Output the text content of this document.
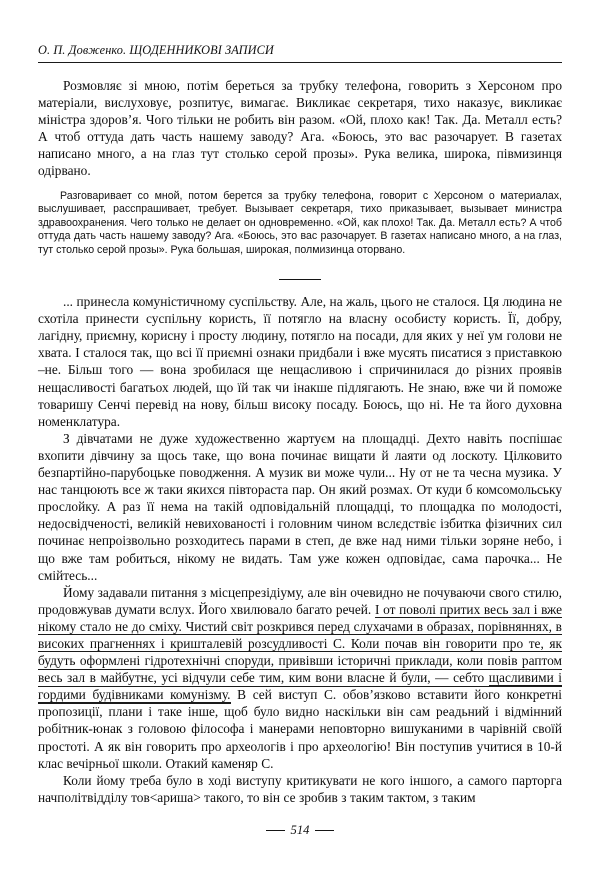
О. П. Довженко. ЩОДЕННИКОВІ ЗАПИСИ

Розмовляє зі мною, потім береться за трубку телефона, говорить з Херсоном про матеріали, вислуховує, розпитує, вимагає. Викликає секретаря, тихо наказує, викликає міністра здоров’я. Чого тільки не робить він разом. «Ой, плохо как! Так. Да. Металл есть? А чтоб оттуда дать часть нашему заводу? Ага. «Боюсь, это вас разочарует. В газетах написано много, а на глаз тут столько серой прозы». Рука велика, широка, півмизинця одірвано.

Разговаривает со мной, потом берется за трубку телефона, говорит с Херсоном о материалах, выслушивает, расспрашивает, требует. Вызывает секретаря, тихо приказывает, вызывает министра здравоохранения. Чего только не делает он одновременно. «Ой, как плохо! Так. Да. Металл есть? А чтоб оттуда дать часть нашему заводу? Ага. «Боюсь, это вас разочарует. В газетах написано много, а на глаз, тут столько серой прозы». Рука большая, широкая, полмизинца оторвано.

... принесла комуністичному суспільству. Але, на жаль, цього не сталося. Ця людина не схотіла принести суспільну користь, її потягло на власну особисту користь. Її, добру, лагідну, приємну, корисну і просту людину, потягло на посади, для яких у неї ум голови не хвата. І сталося так, що всі її приємні ознаки придбали і вже мусять писатися з приставкою –не. Більш того — вона зробилася ще нещасливою і спричинилася до різних проявів нещасливості багатьох людей, що їй так чи інакше підлягають. Не знаю, вже чи й поможе товаришу Сенчі перевід на нову, більш високу посаду. Боюсь, що ні. Не та його духовна номенклатура.

З дівчатами не дуже художественно жартуєм на площадці. Дехто навіть поспішає вхопити дівчину за щось таке, що вона починає вищати й лаяти од лоскоту. Цілковито безпартійно-парубоцьке поводження. А музик ви може чули... Ну от не та чесна музика. У нас танцюють все ж таки якихся півтораста пар. Он який розмах. От куди б комсомольську прослойку. А раз її нема на такій одповідальній площадці, то площадка по молодості, недосвідченості, великій невихованості і головним чином вслєдствіє ізбитка фізичних сил починає непроізвольно розходитесь парами в степ, де вже над ними тільки зоряне небо, і що вже там робиться, нікому не видать. Там уже кожен одповідає, сама парочка... Не смійтесь...

Йому задавали питання з місцепрезідіуму, але він очевидно не почуваючи свого стилю, продовжував думати вслух. Його хвилювало багато речей. І от поволі притих весь зал і вже нікому стало не до сміху. Чистий світ розкрився перед слухачами в образах, порівняннях, в високих прагненнях і кришталевій розсудливості С. Коли почав він говорити про те, як будуть оформлені гідротехнічні споруди, привівши історичні приклади, коли повів раптом весь зал в майбутнє, усі відчули себе тим, ким вони власне й були, — себто щасливими і гордими будівниками комунізму. В сей виступ С. обов’язково вставити його конкретні пропозиції, плани і таке інше, щоб було видно наскільки він сам реадьний і відмінний робітник-юнак з головою філософа і манерами неповторно вишуканими в чарівній своїй простоті. А як він говорить про археологів і про археологію! Він поступив учитися в 10-й клас вечірньої школи. Отакий каменяр С.

Коли йому треба було в ході виступу критикувати не кого іншого, а самого парторга начполітвідділу тов<ариша> такого, то він се зробив з таким тактом, з таким

514
